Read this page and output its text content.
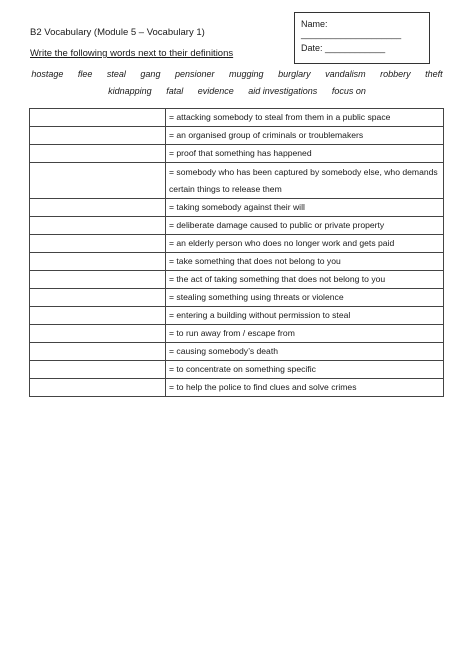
B2 Vocabulary (Module 5 – Vocabulary 1)
Write the following words next to their definitions
Name: ____________________
Date: ____________
hostage flee steal gang pensioner mugging burglary vandalism robbery theft
kidnapping fatal evidence aid investigations focus on
	= attacking somebody to steal from them in a public space
	= an organised group of criminals or troublemakers
	= proof that something has happened
	= somebody who has been captured by somebody else, who demands certain things to release them
	= taking somebody against their will
	= deliberate damage caused to public or private property
	= an elderly person who does no longer work and gets paid
	= take something that does not belong to you
	= the act of taking something that does not belong to you
	= stealing something using threats or violence
	= entering a building without permission to steal
	= to run away from / escape from
	= causing somebody’s death
	= to concentrate on something specific
	= to help the police to find clues and solve crimes
